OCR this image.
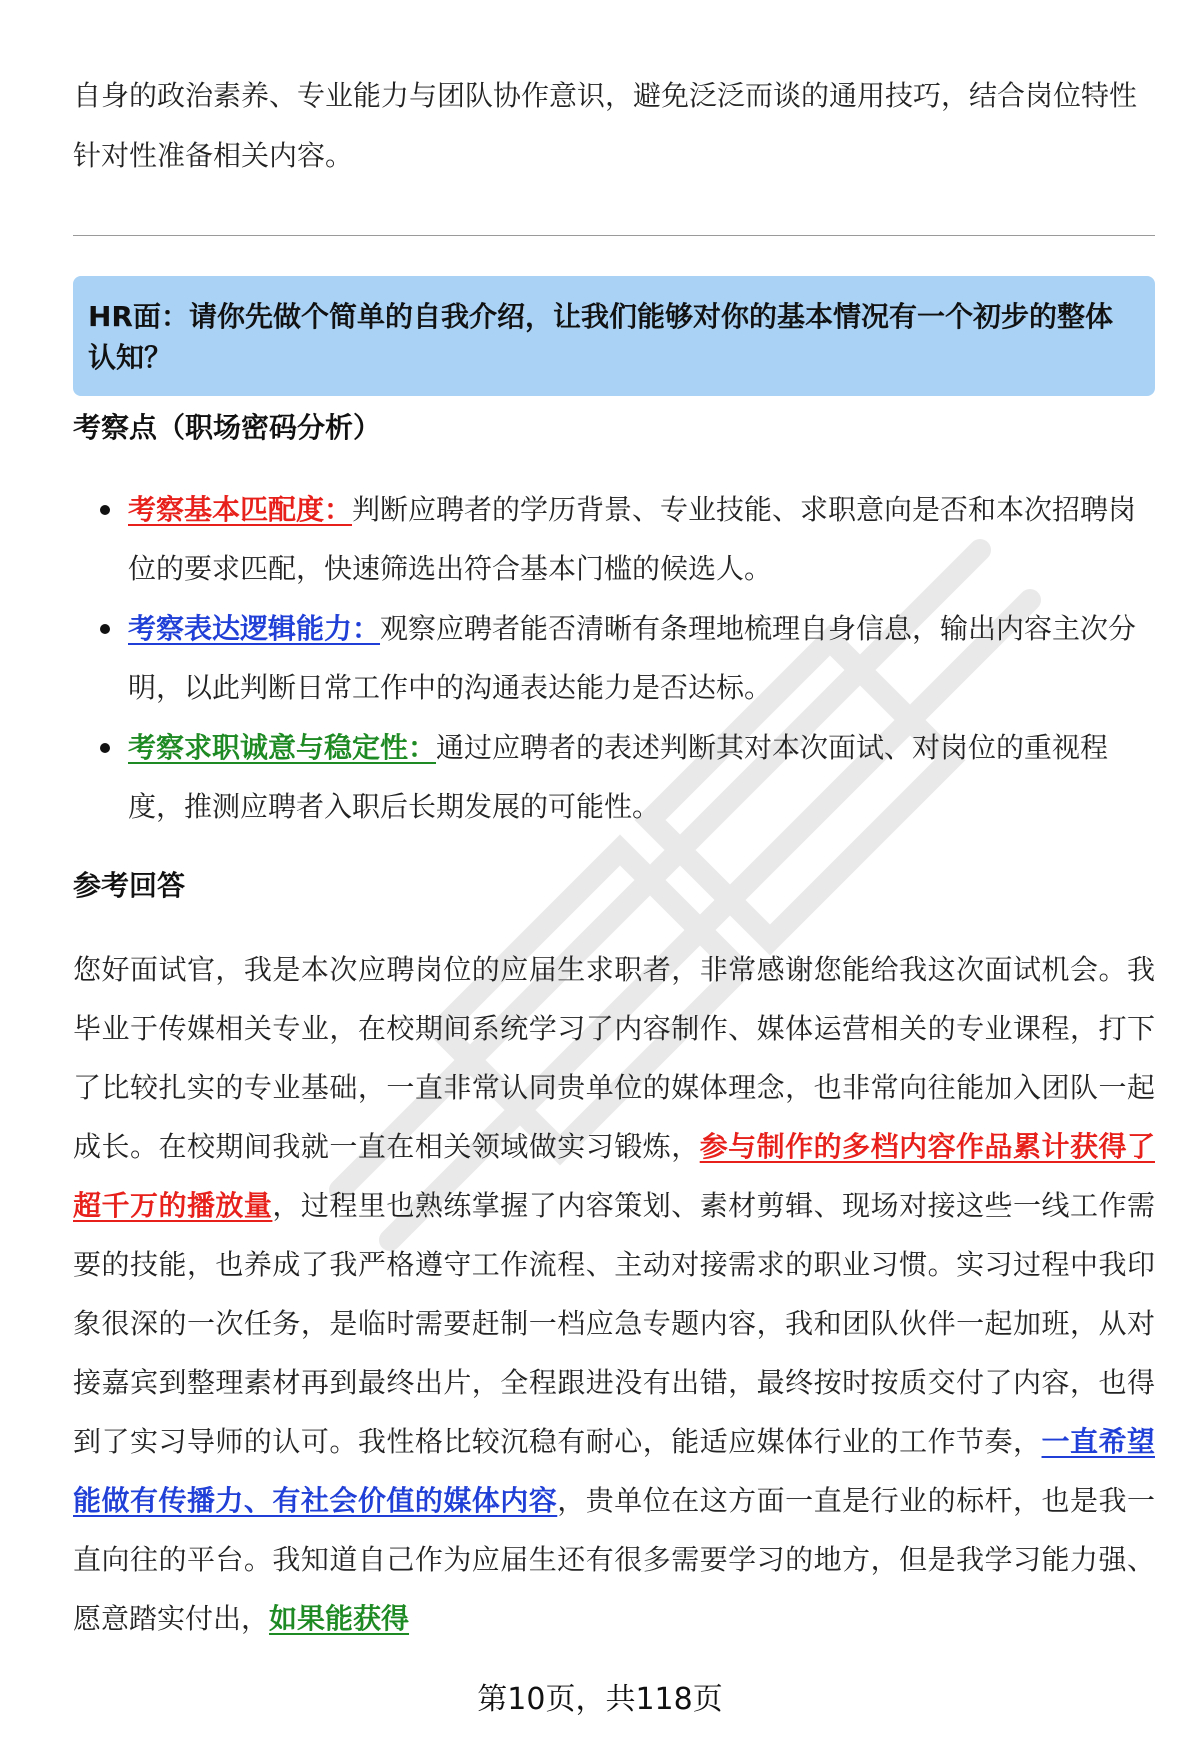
自身的政治素养、专业能力与团队协作意识，避免泛泛而谈的通用技巧，结合岗位特性针对性准备相关内容。

HR面：请你先做个简单的自我介绍，让我们能够对你的基本情况有一个初步的整体认知？
考察点（职场密码分析）
考察基本匹配度：判断应聘者的学历背景、专业技能、求职意向是否和本次招聘岗位的要求匹配，快速筛选出符合基本门槛的候选人。
考察表达逻辑能力：观察应聘者能否清晰有条理地梳理自身信息，输出内容主次分明，以此判断日常工作中的沟通表达能力是否达标。
考察求职诚意与稳定性：通过应聘者的表述判断其对本次面试、对岗位的重视程度，推测应聘者入职后长期发展的可能性。
参考回答

您好面试官，我是本次应聘岗位的应届生求职者，非常感谢您能给我这次面试机会。我毕业于传媒相关专业，在校期间系统学习了内容制作、媒体运营相关的专业课程，打下了比较扎实的专业基础，一直非常认同贵单位的媒体理念，也非常向往能加入团队一起成长。在校期间我就一直在相关领域做实习锻炼，参与制作的多档内容作品累计获得了超千万的播放量，过程里也熟练掌握了内容策划、素材剪辑、现场对接这些一线工作需要的技能，也养成了我严格遵守工作流程、主动对接需求的职业习惯。实习过程中我印象很深的一次任务，是临时需要赶制一档应急专题内容，我和团队伙伴一起加班，从对接嘉宾到整理素材再到最终出片，全程跟进没有出错，最终按时按质交付了内容，也得到了实习导师的认可。我性格比较沉稳有耐心，能适应媒体行业的工作节奏，一直希望能做有传播力、有社会价值的媒体内容，贵单位在这方面一直是行业的标杆，也是我一直向往的平台。我知道自己作为应届生还有很多需要学习的地方，但是我学习能力强、愿意踏实付出，如果能获得

第10页，共118页
